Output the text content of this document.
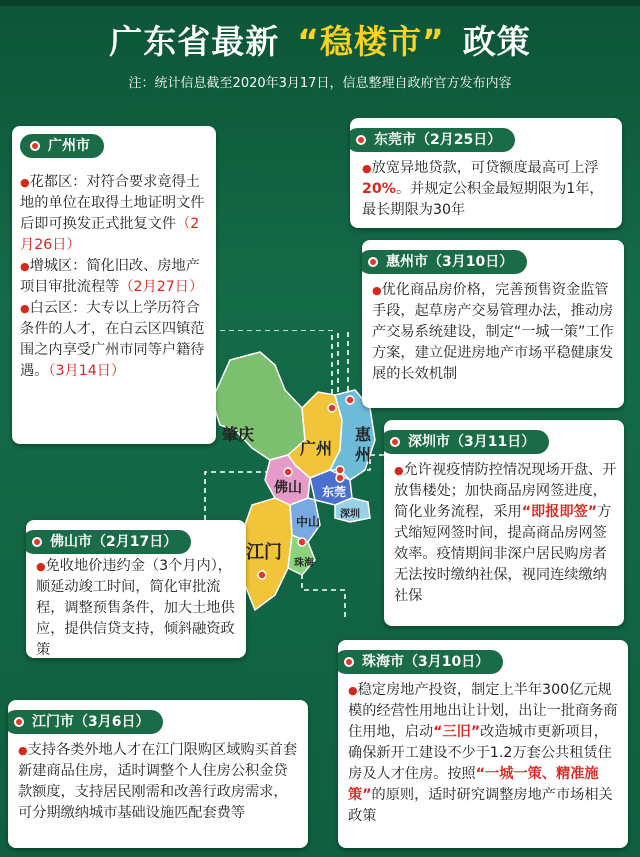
广东省最新 “稳楼市” 政策
注：统计信息截至2020年3月17日，信息整理自政府官方发布内容
肇庆
广州
惠
州
佛山 东莞
深圳
中山
江门
珠海
广州市

●花都区：对符合要求竟得土地的单位在取得土地证明文件后即可换发正式批复文件（2月26日）

●增城区：简化旧改、房地产项目审批流程等（2月27日）

●白云区：大专以上学历符合条件的人才，在白云区四镇范围之内享受广州市同等户籍待遇。（3月14日）

东莞市（2月25日）

●放宽异地贷款，可贷额度最高可上浮20%。并规定公积金最短期限为1年，最长期限为30年

惠州市（3月10日）

●优化商品房价格，完善预售资金监管手段，起草房产交易管理办法，推动房产交易系统建设，制定“一城一策”工作方案，建立促进房地产市场平稳健康发展的长效机制

深圳市（3月11日）

●允许视疫情防控情况现场开盘、开放售楼处；加快商品房网签进度，简化业务流程，采用“即报即签”方式缩短网签时间，提高商品房网签效率。疫情期间非深户居民购房者无法按时缴纳社保，视同连续缴纳社保

佛山市（2月17日）

●免收地价违约金（3个月内），顺延动竣工时间，简化审批流程，调整预售条件，加大土地供应，提供信贷支持，倾斜融资政策

珠海市（3月10日）

●稳定房地产投资，制定上半年300亿元规模的经营性用地出让计划，出让一批商务商住用地，启动“三旧”改造城市更新项目，确保新开工建设不少于1.2万套公共租赁住房及人才住房。按照“一城一策、精准施策”的原则，适时研究调整房地产市场相关政策

江门市（3月6日）

●支持各类外地人才在江门限购区域购买首套新建商品住房，适时调整个人住房公积金贷款额度，支持居民刚需和改善行政房需求，可分期缴纳城市基础设施匹配套费等
